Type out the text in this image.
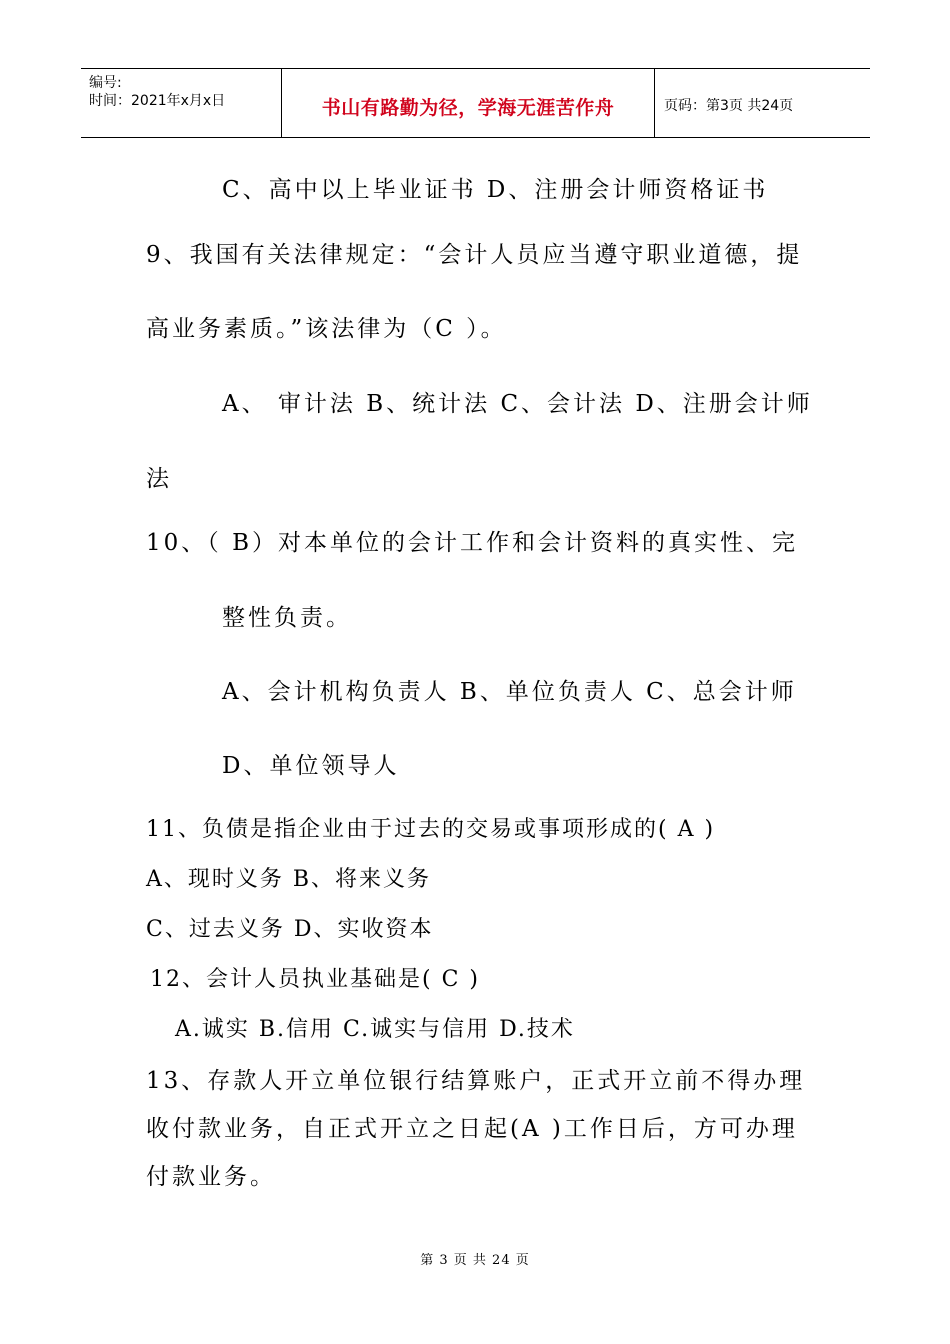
编号:
时间：2021年x月x日	书山有路勤为径，学海无涯苦作舟	页码：第3页 共24页
C、高中以上毕业证书 D、注册会计师资格证书
9、我国有关法律规定：“会计人员应当遵守职业道德，提
高业务素质。”该法律为（C ）。
A、 审计法 B、统计法 C、会计法 D、注册会计师
法
10、（ B）对本单位的会计工作和会计资料的真实性、完
整性负责。
A、会计机构负责人 B、单位负责人 C、总会计师
D、单位领导人
11、负债是指企业由于过去的交易或事项形成的( A )
A、现时义务 B、将来义务
C、过去义务 D、实收资本
12、会计人员执业基础是( C )
A.诚实 B.信用 C.诚实与信用 D.技术
13、存款人开立单位银行结算账户，正式开立前不得办理
收付款业务，自正式开立之日起(A )工作日后，方可办理
付款业务。
第 3 页 共 24 页
